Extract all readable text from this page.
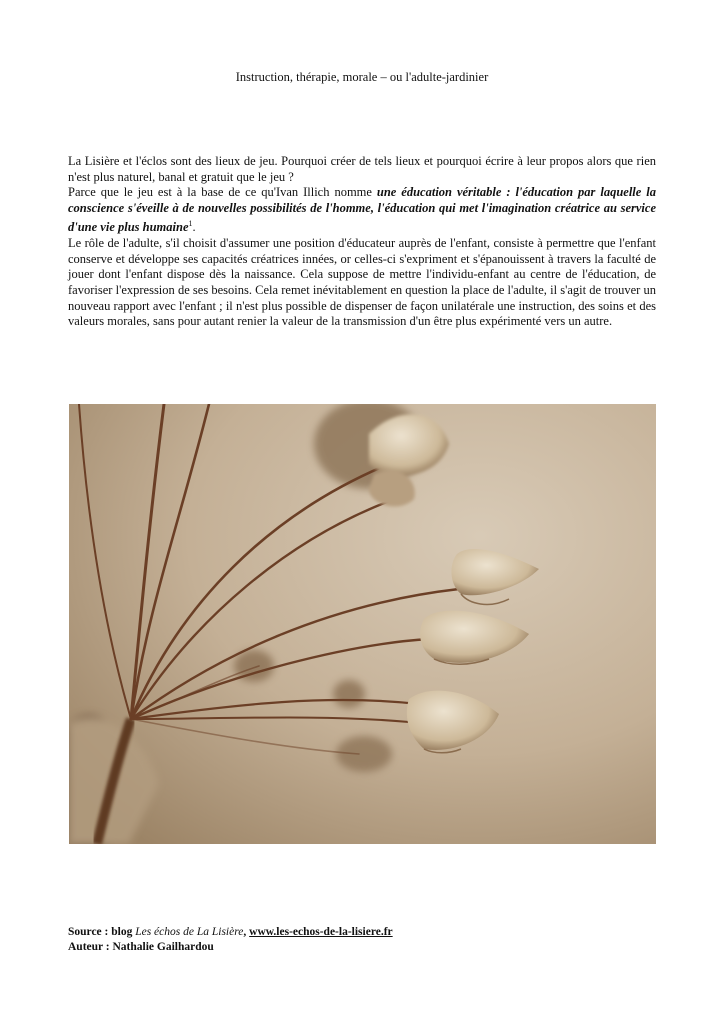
Instruction, thérapie, morale – ou l'adulte-jardinier

La Lisière et l'éclos sont des lieux de jeu. Pourquoi créer de tels lieux et pourquoi écrire à leur propos alors que rien n'est plus naturel, banal et gratuit que le jeu ?

Parce que le jeu est à la base de ce qu'Ivan Illich nomme une éducation véritable : l'éducation par laquelle la conscience s'éveille à de nouvelles possibilités de l'homme, l'éducation qui met l'imagination créatrice au service d'une vie plus humaine$^1$.

Le rôle de l'adulte, s'il choisit d'assumer une position d'éducateur auprès de l'enfant, consiste à permettre que l'enfant conserve et développe ses capacités créatrices innées, or celles-ci s'expriment et s'épanouissent à travers la faculté de jouer dont l'enfant dispose dès la naissance. Cela suppose de mettre l'individu-enfant au centre de l'éducation, de favoriser l'expression de ses besoins. Cela remet inévitablement en question la place de l'adulte, il s'agit de trouver un nouveau rapport avec l'enfant ; il n'est plus possible de dispenser de façon unilatérale une instruction, des soins et des valeurs morales, sans pour autant renier la valeur de la transmission d'un être plus expérimenté vers un autre.

Source : blog Les échos de La Lisière, www.les-echos-de-la-lisiere.fr

Auteur : Nathalie Gailhardou
